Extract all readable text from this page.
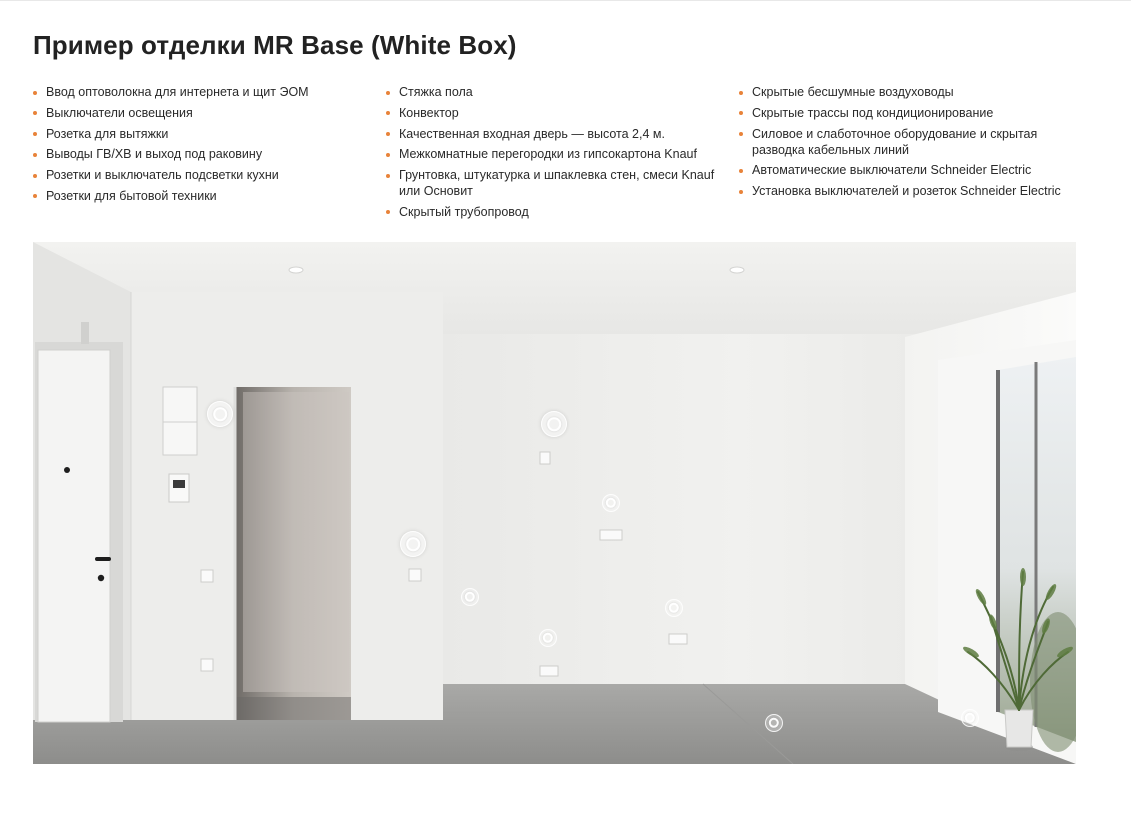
Пример отделки MR Base (White Box)
Ввод оптоволокна для интернета и щит ЭОМ
Выключатели освещения
Розетка для вытяжки
Выводы ГВ/ХВ и выход под раковину
Розетки и выключатель подсветки кухни
Розетки для бытовой техники
Стяжка пола
Конвектор
Качественная входная дверь — высота 2,4 м.
Межкомнатные перегородки из гипсокартона Knauf
Грунтовка, штукатурка и шпаклевка стен, смеси Knauf или Основит
Скрытый трубопровод
Скрытые бесшумные воздуховоды
Скрытые трассы под кондиционирование
Силовое и слаботочное оборудование и скрытая разводка кабельных линий
Автоматические выключатели Schneider Electric
Установка выключателей и розеток Schneider Electric
